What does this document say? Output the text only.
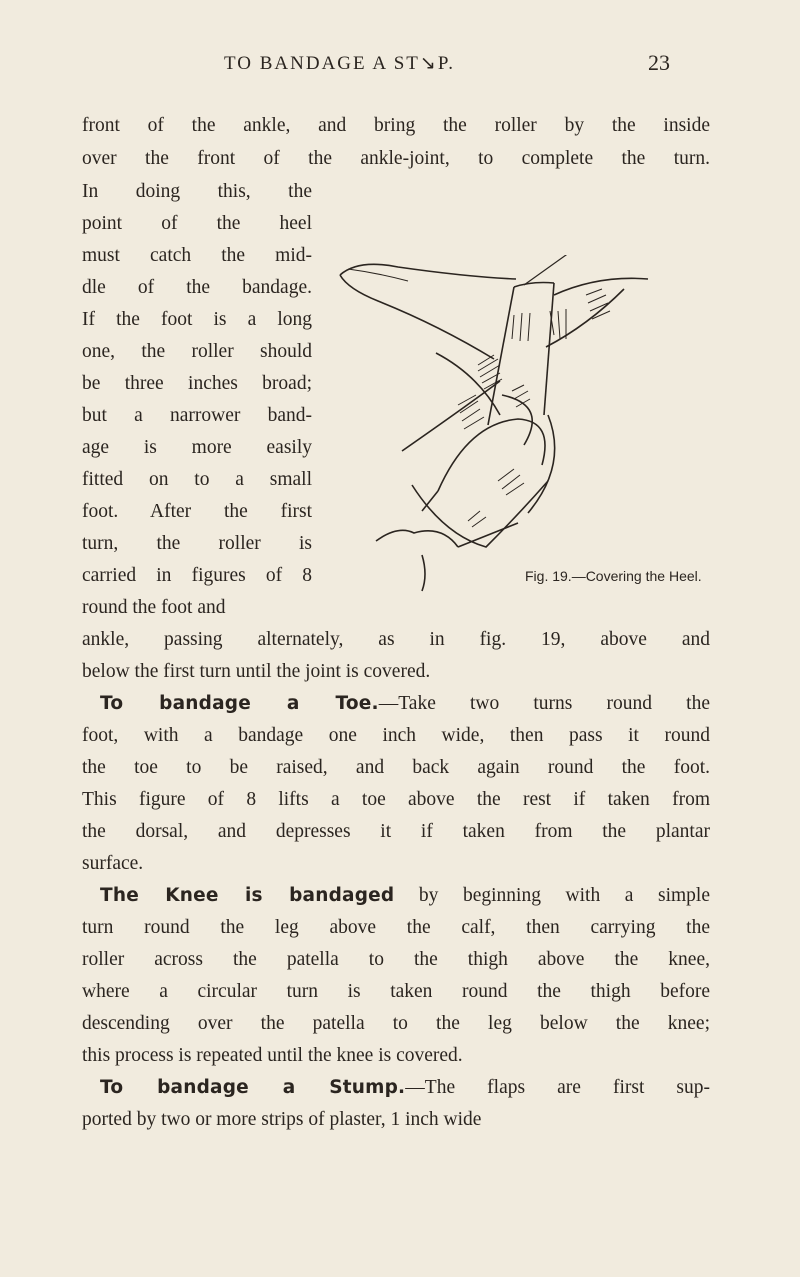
TO BANDAGE A ST↘P.	23
front of the ankle, and bring the roller by the inside
over the front of the ankle-joint, to complete the turn.
In doing this, the
point of the heel
must catch the mid-
dle of the bandage.
If the foot is a long
one, the roller should
be three inches broad;
but a narrower band-
age is more easily
fitted on to a small
foot. After the first
turn, the roller is
carried in figures of 8
round the foot and
ankle, passing alternately, as in fig. 19, above and
below the first turn until the joint is covered.
To bandage a Toe.—Take two turns round the
foot, with a bandage one inch wide, then pass it round
the toe to be raised, and back again round the foot.
This figure of 8 lifts a toe above the rest if taken from
the dorsal, and depresses it if taken from the plantar
surface.
The Knee is bandaged by beginning with a simple
turn round the leg above the calf, then carrying the
roller across the patella to the thigh above the knee,
where a circular turn is taken round the thigh before
descending over the patella to the leg below the knee;
this process is repeated until the knee is covered.
To bandage a Stump.—The flaps are first sup-
ported by two or more strips of plaster, 1 inch wide
Fig. 19.—Covering the Heel.
